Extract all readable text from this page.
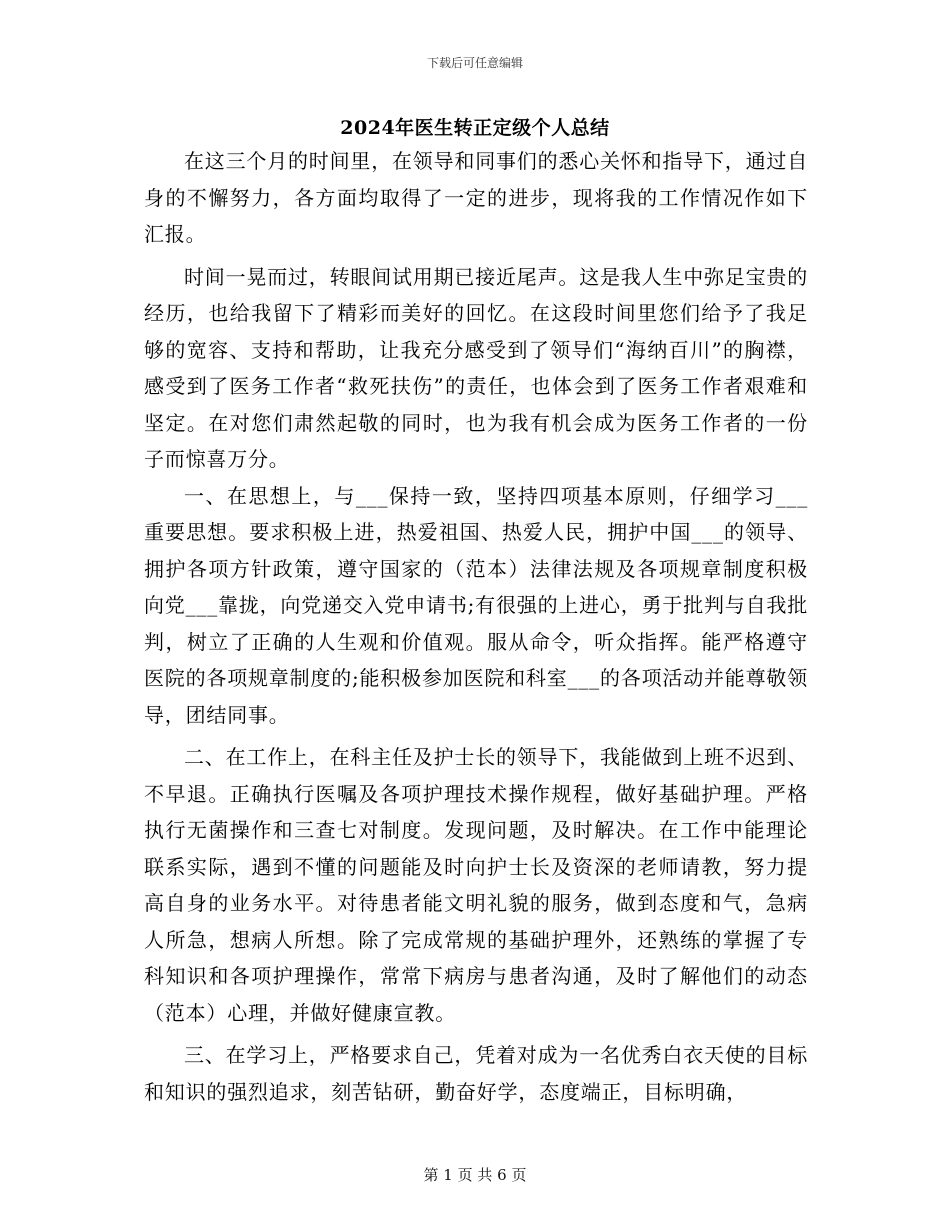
下载后可任意编辑
2024年医生转正定级个人总结

在这三个月的时间里，在领导和同事们的悉心关怀和指导下，通过自身的不懈努力，各方面均取得了一定的进步，现将我的工作情况作如下汇报。

时间一晃而过，转眼间试用期已接近尾声。这是我人生中弥足宝贵的经历，也给我留下了精彩而美好的回忆。在这段时间里您们给予了我足够的宽容、支持和帮助，让我充分感受到了领导们“海纳百川”的胸襟，感受到了医务工作者“救死扶伤”的责任，也体会到了医务工作者艰难和坚定。在对您们肃然起敬的同时，也为我有机会成为医务工作者的一份子而惊喜万分。

一、在思想上，与___保持一致，坚持四项基本原则，仔细学习___重要思想。要求积极上进，热爱祖国、热爱人民，拥护中国___的领导、拥护各项方针政策，遵守国家的（范本）法律法规及各项规章制度积极向党___靠拢，向党递交入党申请书;有很强的上进心，勇于批判与自我批判，树立了正确的人生观和价值观。服从命令，听众指挥。能严格遵守医院的各项规章制度的;能积极参加医院和科室___的各项活动并能尊敬领导，团结同事。

二、在工作上，在科主任及护士长的领导下，我能做到上班不迟到、不早退。正确执行医嘱及各项护理技术操作规程，做好基础护理。严格执行无菌操作和三查七对制度。发现问题，及时解决。在工作中能理论联系实际，遇到不懂的问题能及时向护士长及资深的老师请教，努力提高自身的业务水平。对待患者能文明礼貌的服务，做到态度和气，急病人所急，想病人所想。除了完成常规的基础护理外，还熟练的掌握了专科知识和各项护理操作，常常下病房与患者沟通，及时了解他们的动态（范本）心理，并做好健康宣教。

三、在学习上，严格要求自己，凭着对成为一名优秀白衣天使的目标和知识的强烈追求，刻苦钻研，勤奋好学，态度端正，目标明确，

第 1 页 共 6 页
